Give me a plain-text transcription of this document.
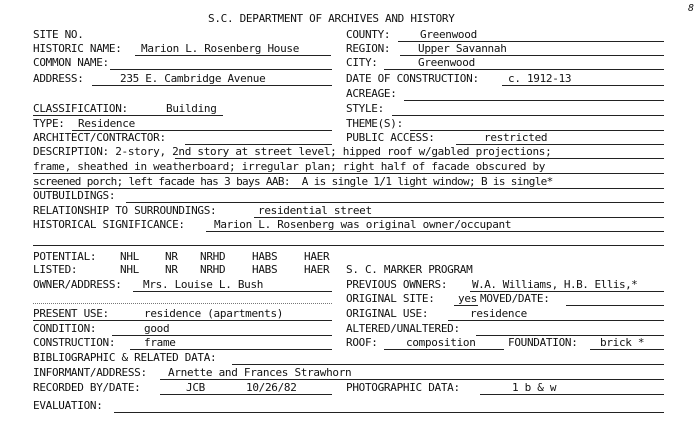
8
S.C. DEPARTMENT OF ARCHIVES AND HISTORY
SITE NO.	COUNTY:	Greenwood
HISTORIC NAME: Marion L. Rosenberg House	REGION:	Upper Savannah
COMMON NAME:	CITY:	Greenwood
ADDRESS:	235 E. Cambridge Avenue	DATE OF CONSTRUCTION:	c. 1912-13
ACREAGE:
CLASSIFICATION:	Building	STYLE:
TYPE: Residence	THEME(S):
ARCHITECT/CONTRACTOR:	PUBLIC ACCESS:	restricted
DESCRIPTION: 2-story, 2nd story at street level; hipped roof w/gabled projections;
frame, sheathed in weatherboard; irregular plan; right half of facade obscured by
screened porch; left facade has 3 bays AAB:  A is single 1/1 light window; B is single*
OUTBUILDINGS:
RELATIONSHIP TO SURROUNDINGS:	residential street
HISTORICAL SIGNIFICANCE:	Marion L. Rosenberg was original owner/occupant
POTENTIAL: NHL NR NRHD HABS HAER
LISTED:	NHL NR NRHD HABS HAER S. C. MARKER PROGRAM
OWNER/ADDRESS: Mrs. Louise L. Bush	PREVIOUS OWNERS: W.A. Williams, H.B. Ellis,*
ORIGINAL SITE: yes MOVED/DATE:
PRESENT USE:	residence (apartments)	ORIGINAL USE:	residence
CONDITION:	good	ALTERED/UNALTERED:
CONSTRUCTION:	frame	ROOF:	composition	FOUNDATION: brick *
BIBLIOGRAPHIC & RELATED DATA:
INFORMANT/ADDRESS: Arnette and Frances Strawhorn
RECORDED BY/DATE:	JCB	10/26/82	PHOTOGRAPHIC DATA:	1 b & w
EVALUATION:
